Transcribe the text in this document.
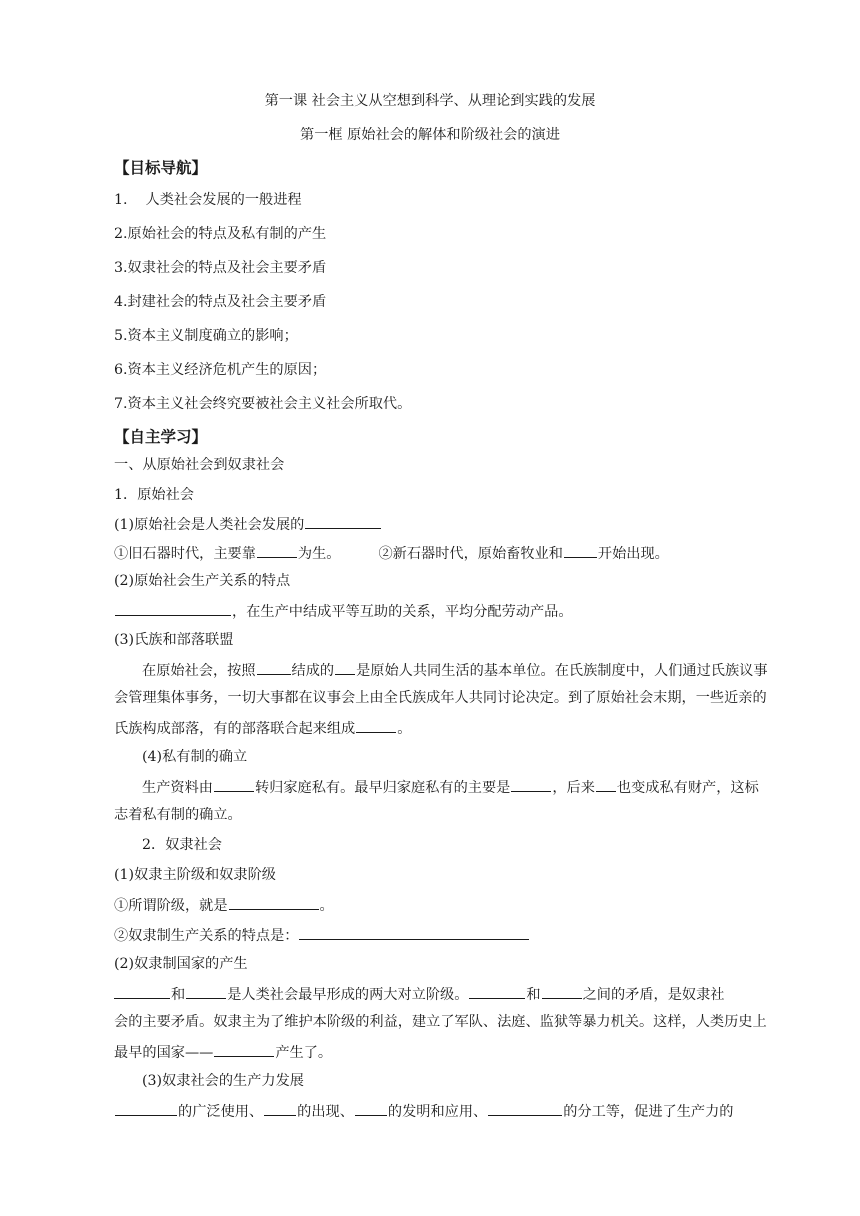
第一课 社会主义从空想到科学、从理论到实践的发展
第一框 原始社会的解体和阶级社会的演进
【目标导航】
1. 人类社会发展的一般进程
2.原始社会的特点及私有制的产生
3.奴隶社会的特点及社会主要矛盾
4.封建社会的特点及社会主要矛盾
5.资本主义制度确立的影响；
6.资本主义经济危机产生的原因；
7.资本主义社会终究要被社会主义社会所取代。
【自主学习】
一、从原始社会到奴隶社会
1．原始社会
(1)原始社会是人类社会发展的
①旧石器时代，主要靠	为生。	②新石器时代，原始畜牧业和 开始出现。
(2)原始社会生产关系的特点
，在生产中结成平等互助的关系，平均分配劳动产品。
(3)氏族和部落联盟
在原始社会，按照	结成的 是原始人共同生活的基本单位。在氏族制度中，人们通过氏族议事
会管理集体事务，一切大事都在议事会上由全氏族成年人共同讨论决定。到了原始社会末期，一些近亲的
氏族构成部落，有的部落联合起来组成	。
(4)私有制的确立
生产资料由	转归家庭私有。最早归家庭私有的主要是	，后来 也变成私有财产，这标
志着私有制的确立。
2．奴隶社会
(1)奴隶主阶级和奴隶阶级
①所谓阶级，就是	。
②奴隶制生产关系的特点是：
(2)奴隶制国家的产生
和	是人类社会最早形成的两大对立阶级。	和	之间的矛盾，是奴隶社
会的主要矛盾。奴隶主为了维护本阶级的利益，建立了军队、法庭、监狱等暴力机关。这样，人类历史上
最早的国家——	产生了。
(3)奴隶社会的生产力发展
的广泛使用、 的出现、 的发明和应用、	的分工等，促进了生产力的
